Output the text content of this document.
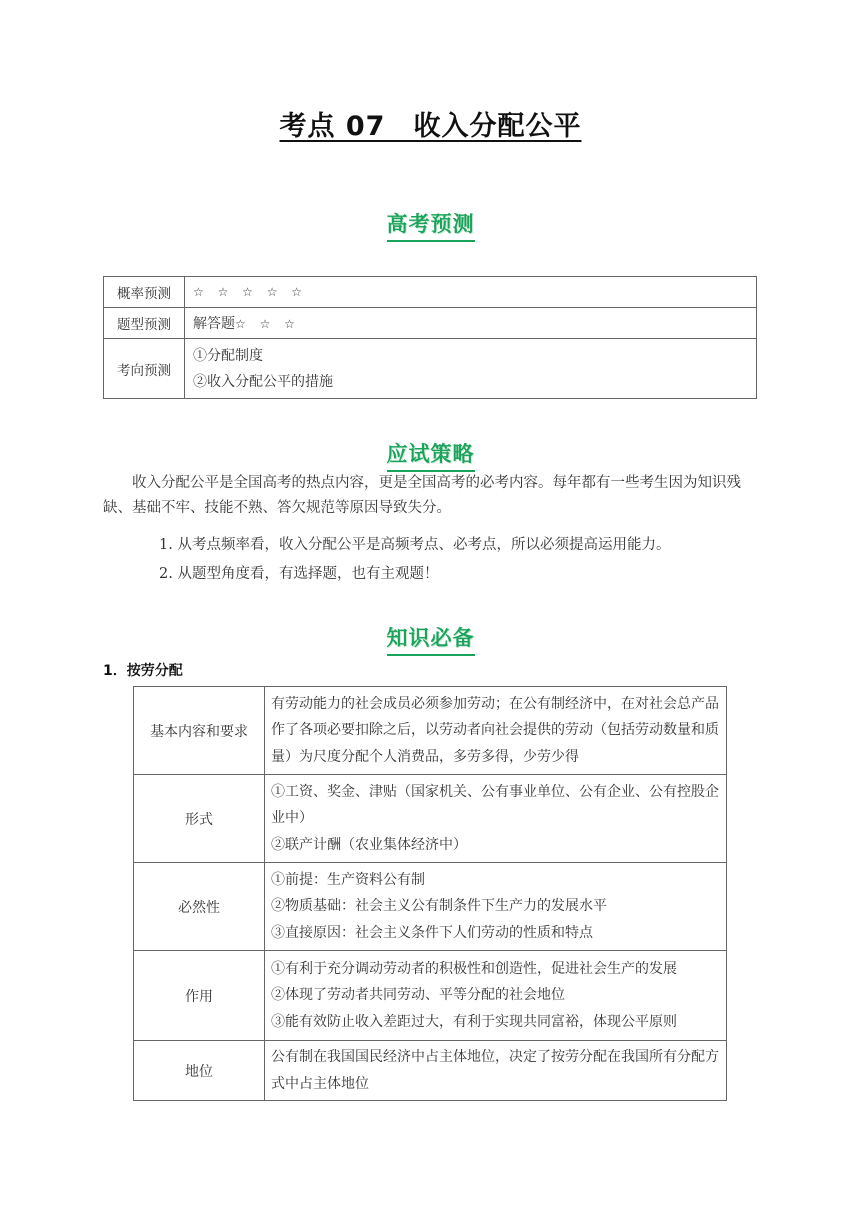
考点 07　收入分配公平
高考预测
概率预测	☆ ☆ ☆ ☆ ☆
题型预测	解答题☆ ☆ ☆
考向预测	①分配制度
②收入分配公平的措施
应试策略
收入分配公平是全国高考的热点内容，更是全国高考的必考内容。每年都有一些考生因为知识残缺、基础不牢、技能不熟、答欠规范等原因导致失分。
1. 从考点频率看，收入分配公平是高频考点、必考点，所以必须提高运用能力。
2. 从题型角度看，有选择题，也有主观题！
知识必备
1．按劳分配
基本内容和要求	有劳动能力的社会成员必须参加劳动；在公有制经济中，在对社会总产品作了各项必要扣除之后，以劳动者向社会提供的劳动（包括劳动数量和质量）为尺度分配个人消费品，多劳多得，少劳少得
形式	①工资、奖金、津贴（国家机关、公有事业单位、公有企业、公有控股企业中）
②联产计酬（农业集体经济中）

必然性	①前提：生产资料公有制
②物质基础：社会主义公有制条件下生产力的发展水平
③直接原因：社会主义条件下人们劳动的性质和特点

作用	①有利于充分调动劳动者的积极性和创造性，促进社会生产的发展
②体现了劳动者共同劳动、平等分配的社会地位
③能有效防止收入差距过大，有利于实现共同富裕，体现公平原则

地位	公有制在我国国民经济中占主体地位，决定了按劳分配在我国所有分配方式中占主体地位
